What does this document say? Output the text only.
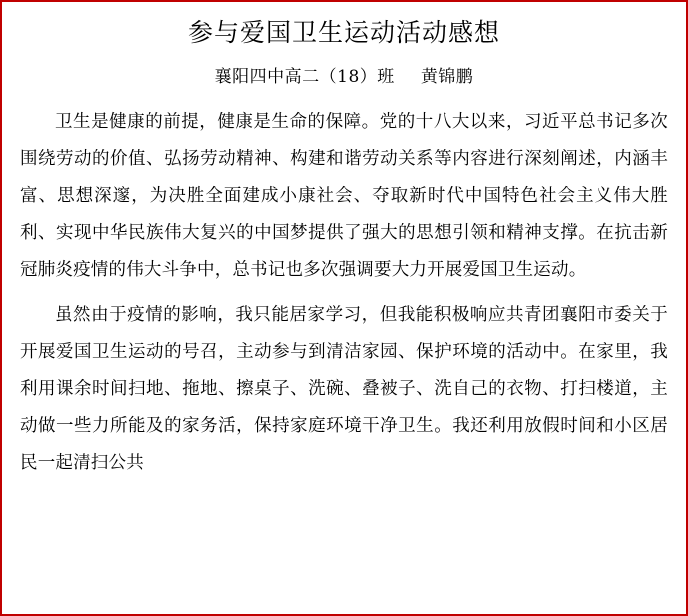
参与爱国卫生运动活动感想
襄阳四中高二（18）班 黄锦鹏

卫生是健康的前提，健康是生命的保障。党的十八大以来，习近平总书记多次围绕劳动的价值、弘扬劳动精神、构建和谐劳动关系等内容进行深刻阐述，内涵丰富、思想深邃，为决胜全面建成小康社会、夺取新时代中国特色社会主义伟大胜利、实现中华民族伟大复兴的中国梦提供了强大的思想引领和精神支撑。在抗击新冠肺炎疫情的伟大斗争中，总书记也多次强调要大力开展爱国卫生运动。

虽然由于疫情的影响，我只能居家学习，但我能积极响应共青团襄阳市委关于开展爱国卫生运动的号召，主动参与到清洁家园、保护环境的活动中。在家里，我利用课余时间扫地、拖地、擦桌子、洗碗、叠被子、洗自己的衣物、打扫楼道，主动做一些力所能及的家务活，保持家庭环境干净卫生。我还利用放假时间和小区居民一起清扫公共
